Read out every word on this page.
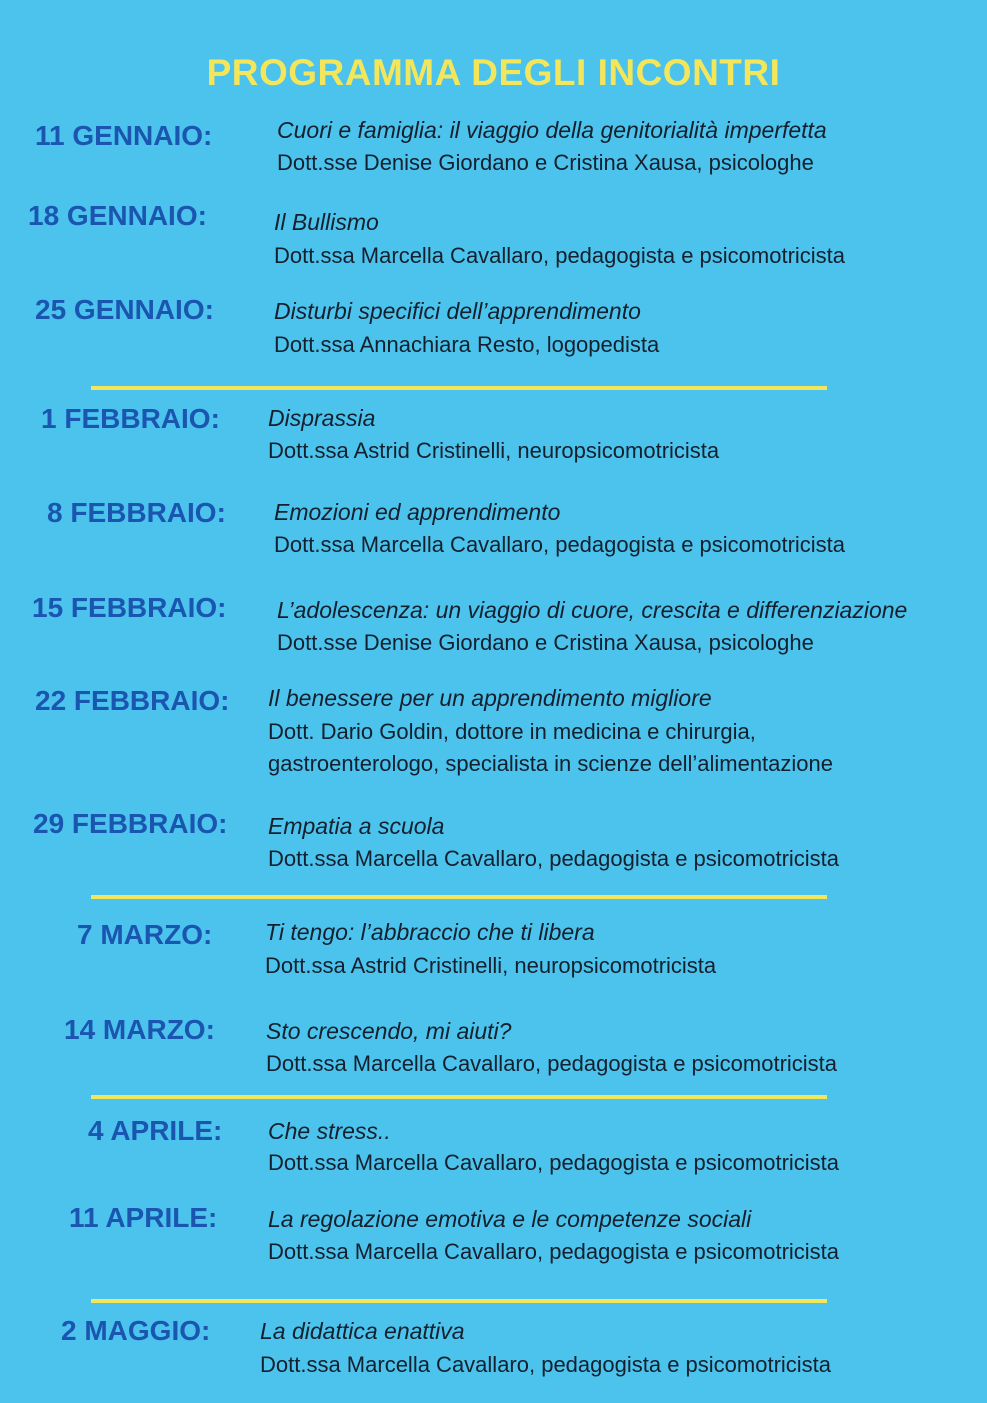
PROGRAMMA DEGLI INCONTRI
11 GENNAIO:	Cuori e famiglia: il viaggio della genitorialità imperfetta
Dott.sse Denise Giordano e Cristina Xausa, psicologhe
18 GENNAIO:	Il Bullismo
Dott.ssa Marcella Cavallaro, pedagogista e psicomotricista
25 GENNAIO:	Disturbi specifici dell’apprendimento
Dott.ssa Annachiara Resto, logopedista
1 FEBBRAIO: Disprassia
Dott.ssa Astrid Cristinelli, neuropsicomotricista
8 FEBBRAIO: Emozioni ed apprendimento
Dott.ssa Marcella Cavallaro, pedagogista e psicomotricista
15 FEBBRAIO: L’adolescenza: un viaggio di cuore, crescita e differenziazione
Dott.sse Denise Giordano e Cristina Xausa, psicologhe
22 FEBBRAIO: Il benessere per un apprendimento migliore
Dott. Dario Goldin, dottore in medicina e chirurgia,
gastroenterologo, specialista in scienze dell’alimentazione
29 FEBBRAIO: Empatia a scuola
Dott.ssa Marcella Cavallaro, pedagogista e psicomotricista
7 MARZO: Ti tengo: l’abbraccio che ti libera
Dott.ssa Astrid Cristinelli, neuropsicomotricista
14 MARZO: Sto crescendo, mi aiuti?
Dott.ssa Marcella Cavallaro, pedagogista e psicomotricista
4 APRILE: Che stress..
Dott.ssa Marcella Cavallaro, pedagogista e psicomotricista
11 APRILE: La regolazione emotiva e le competenze sociali
Dott.ssa Marcella Cavallaro, pedagogista e psicomotricista
2 MAGGIO: La didattica enattiva
Dott.ssa Marcella Cavallaro, pedagogista e psicomotricista
